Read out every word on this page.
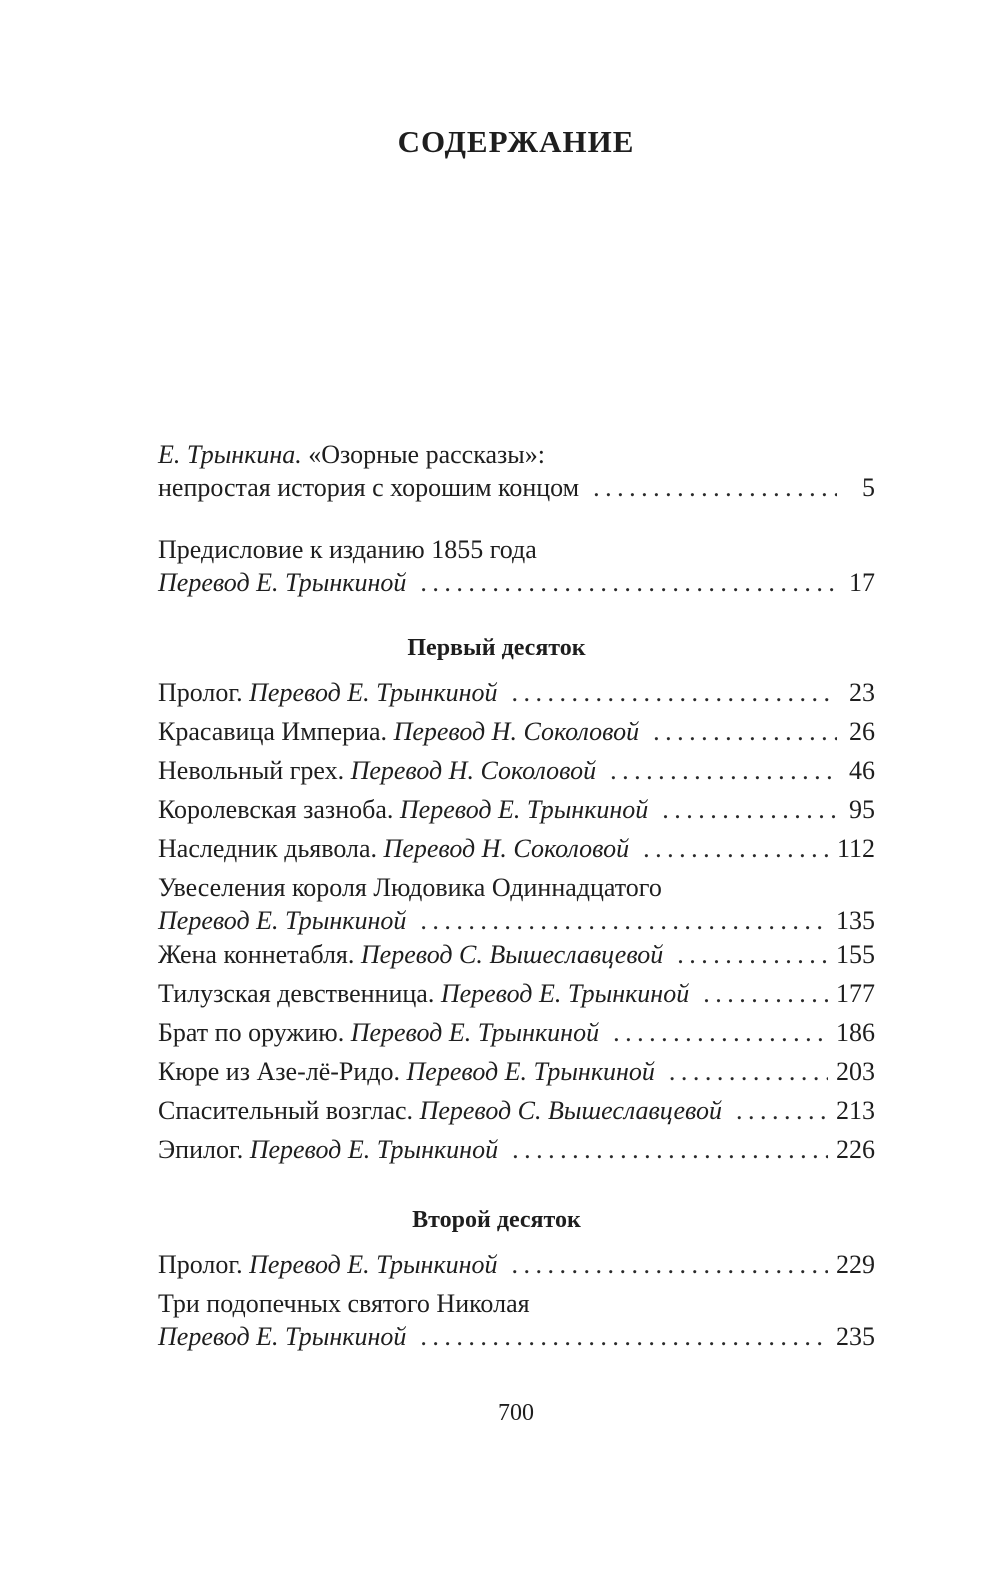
СОДЕРЖАНИЕ
Е. Трынкина. «Озорные рассказы»:
непростая история с хорошим концом . . .	5
Предисловие к изданию 1855 года
Перевод Е. Трынкиной . . .	17
Первый десяток
Пролог. Перевод Е. Трынкиной . . .	23
Красавица Империа. Перевод Н. Соколовой . . .	26
Невольный грех. Перевод Н. Соколовой . . .	46
Королевская зазноба. Перевод Е. Трынкиной . . .	95
Наследник дьявола. Перевод Н. Соколовой . . .	112
Увеселения короля Людовика Одиннадцатого
Перевод Е. Трынкиной . . .	135
Жена коннетабля. Перевод С. Вышеславцевой . . .	155
Тилузская девственница. Перевод Е. Трынкиной . . .	177
Брат по оружию. Перевод Е. Трынкиной . . .	186
Кюре из Азе-лё-Ридо. Перевод Е. Трынкиной . . .	203
Спасительный возглас. Перевод С. Вышеславцевой . . .	213
Эпилог. Перевод Е. Трынкиной . . .	226
Второй десяток
Пролог. Перевод Е. Трынкиной . . .	229
Три подопечных святого Николая
Перевод Е. Трынкиной . . .	235
700
